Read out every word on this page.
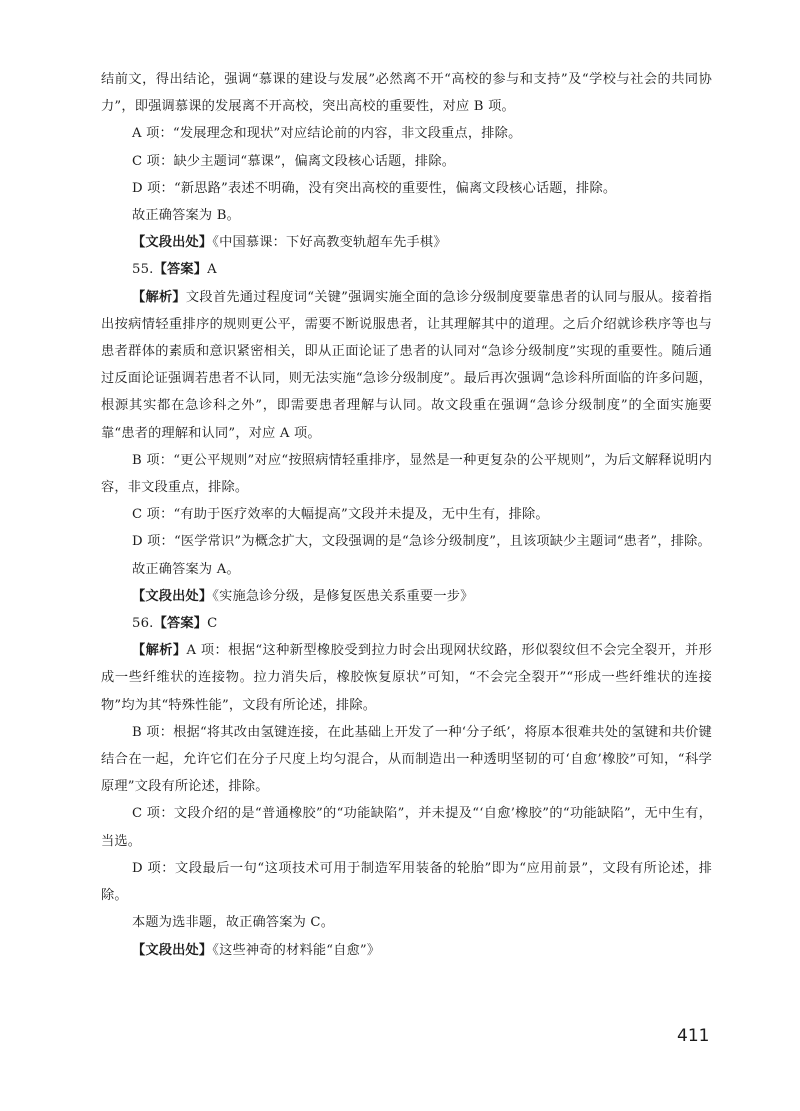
结前文，得出结论，强调“慕课的建设与发展”必然离不开“高校的参与和支持”及“学校与社会的共同协力”，即强调慕课的发展离不开高校，突出高校的重要性，对应 B 项。
A 项：“发展理念和现状”对应结论前的内容，非文段重点，排除。
C 项：缺少主题词“慕课”，偏离文段核心话题，排除。
D 项：“新思路”表述不明确，没有突出高校的重要性，偏离文段核心话题，排除。
故正确答案为 B。
【文段出处】《中国慕课：下好高教变轨超车先手棋》
55.【答案】A
【解析】文段首先通过程度词“关键”强调实施全面的急诊分级制度要靠患者的认同与服从。接着指出按病情轻重排序的规则更公平，需要不断说服患者，让其理解其中的道理。之后介绍就诊秩序等也与患者群体的素质和意识紧密相关，即从正面论证了患者的认同对“急诊分级制度”实现的重要性。随后通过反面论证强调若患者不认同，则无法实施“急诊分级制度”。最后再次强调“急诊科所面临的许多问题，根源其实都在急诊科之外”，即需要患者理解与认同。故文段重在强调“急诊分级制度”的全面实施要靠“患者的理解和认同”，对应 A 项。
B 项：“更公平规则”对应“按照病情轻重排序，显然是一种更复杂的公平规则”，为后文解释说明内容，非文段重点，排除。
C 项：“有助于医疗效率的大幅提高”文段并未提及，无中生有，排除。
D 项：“医学常识”为概念扩大，文段强调的是“急诊分级制度”，且该项缺少主题词“患者”，排除。
故正确答案为 A。
【文段出处】《实施急诊分级，是修复医患关系重要一步》
56.【答案】C
【解析】A 项：根据“这种新型橡胶受到拉力时会出现网状纹路，形似裂纹但不会完全裂开，并形成一些纤维状的连接物。拉力消失后，橡胶恢复原状”可知，“不会完全裂开”“形成一些纤维状的连接物”均为其“特殊性能”，文段有所论述，排除。
B 项：根据“将其改由氢键连接，在此基础上开发了一种‘分子纸’，将原本很难共处的氢键和共价键结合在一起，允许它们在分子尺度上均匀混合，从而制造出一种透明坚韧的可‘自愈’橡胶”可知，“科学原理”文段有所论述，排除。
411
C 项：文段介绍的是“普通橡胶”的“功能缺陷”，并未提及“‘自愈’橡胶”的“功能缺陷”，无中生有，当选。
D 项：文段最后一句“这项技术可用于制造军用装备的轮胎”即为“应用前景”，文段有所论述，排除。
本题为选非题，故正确答案为 C。
【文段出处】《这些神奇的材料能“自愈”》
